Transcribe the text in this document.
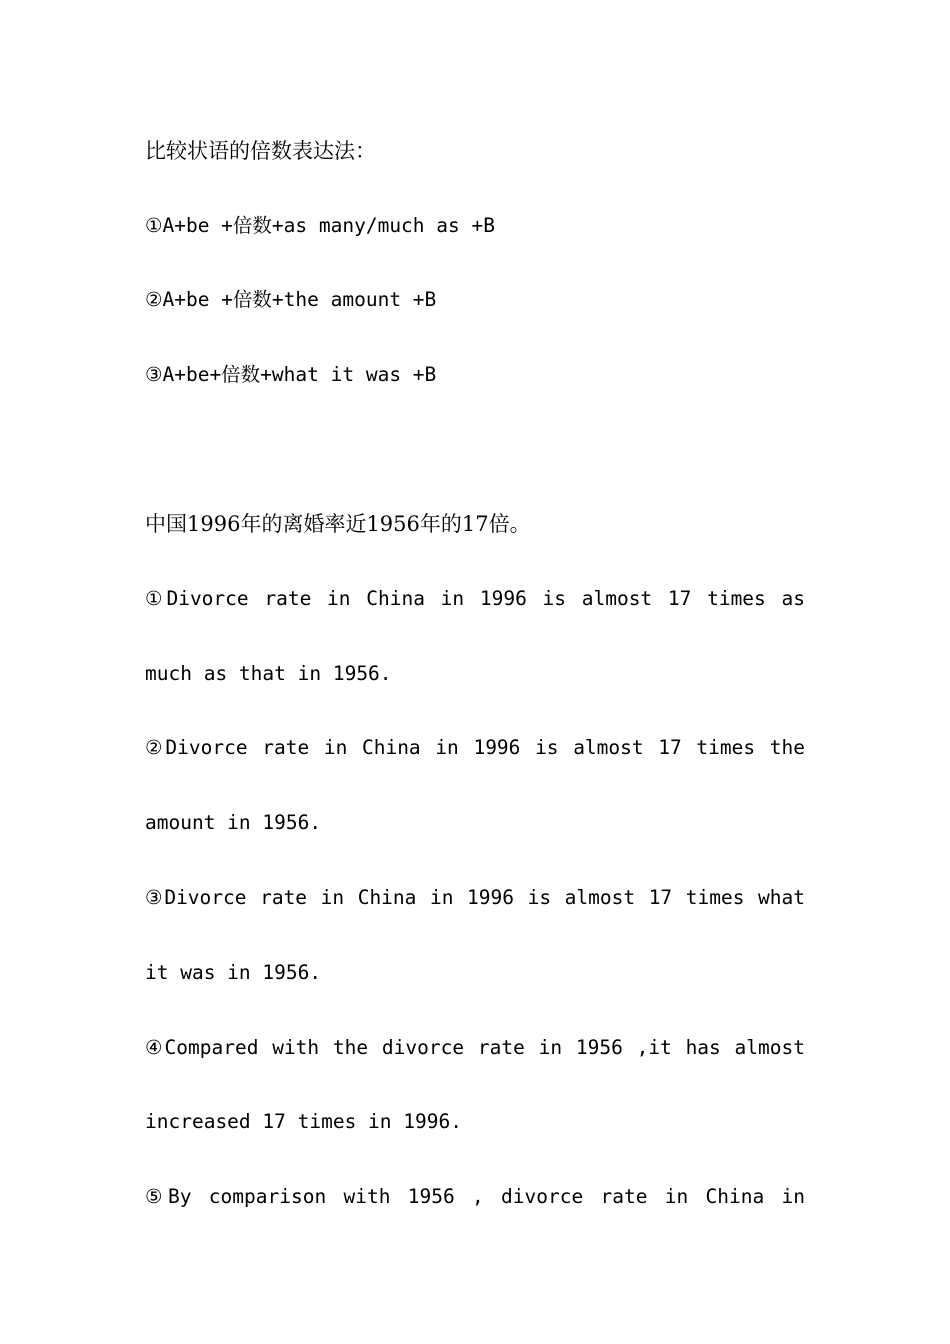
比较状语的倍数表达法：

①A+be +倍数+as many/much as +B

②A+be +倍数+the amount +B

③A+be+倍数+what it was +B

中国1996年的离婚率近1956年的17倍。

①Divorce rate in China in 1996 is almost 17 times as

much as that in 1956.

②Divorce rate in China in 1996 is almost 17 times the

amount in 1956.

③Divorce rate in China in 1996 is almost 17 times what

it was in 1956.

④Compared with the divorce rate in 1956 ,it has almost

increased 17 times in 1996.

⑤By comparison with 1956 , divorce rate in China in
